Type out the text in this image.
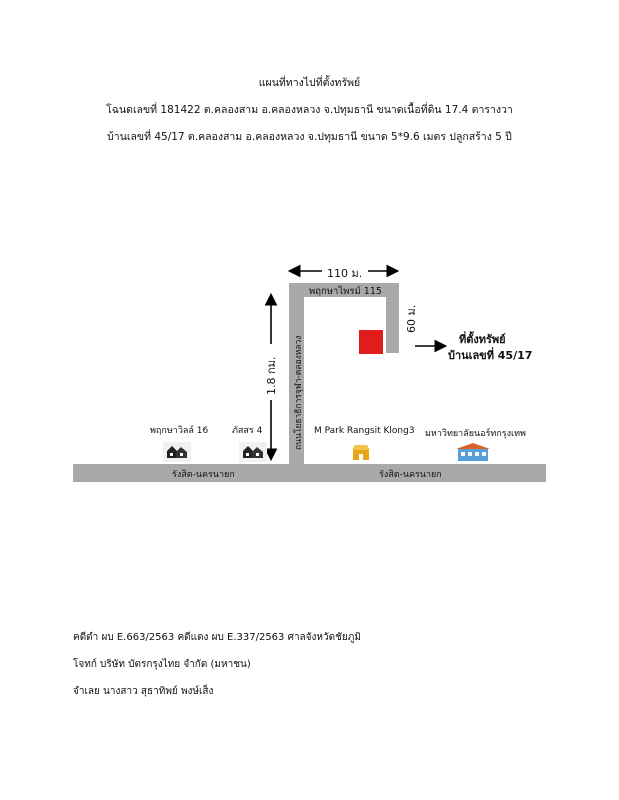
แผนที่ทางไปที่ตั้งทรัพย์
โฉนดเลขที่ 181422 ต.คลองสาม อ.คลองหลวง จ.ปทุมธานี ขนาดเนื้อที่ดิน 17.4 ตารางวา
บ้านเลขที่ 45/17 ต.คลองสาม อ.คลองหลวง จ.ปทุมธานี ขนาด 5*9.6 เมตร ปลูกสร้าง 5 ปี
110 ม.
พฤกษาไพรม์ 115
60 ม.
1.8 กม.	ถนนโยธาธิการจุฬา-คลองหลวง	ที่ตั้งทรัพย์
บ้านเลขที่ 45/17
พฤกษาวิลล์ 16	ภัสสร 4	M Park Rangsit Klong3 มหาวิทยาลัยนอร์ทกรุงเทพ
รังสิต-นครนายก	รังสิต-นครนายก
คดีดำ ผบ E.663/2563 คดีแดง ผบ E.337/2563 ศาลจังหวัดชัยภูมิ
โจทก์ บริษัท บัตรกรุงไทย จำกัด (มหาชน)
จำเลย นางสาว สุธาทิพย์ พงษ์เส็ง
